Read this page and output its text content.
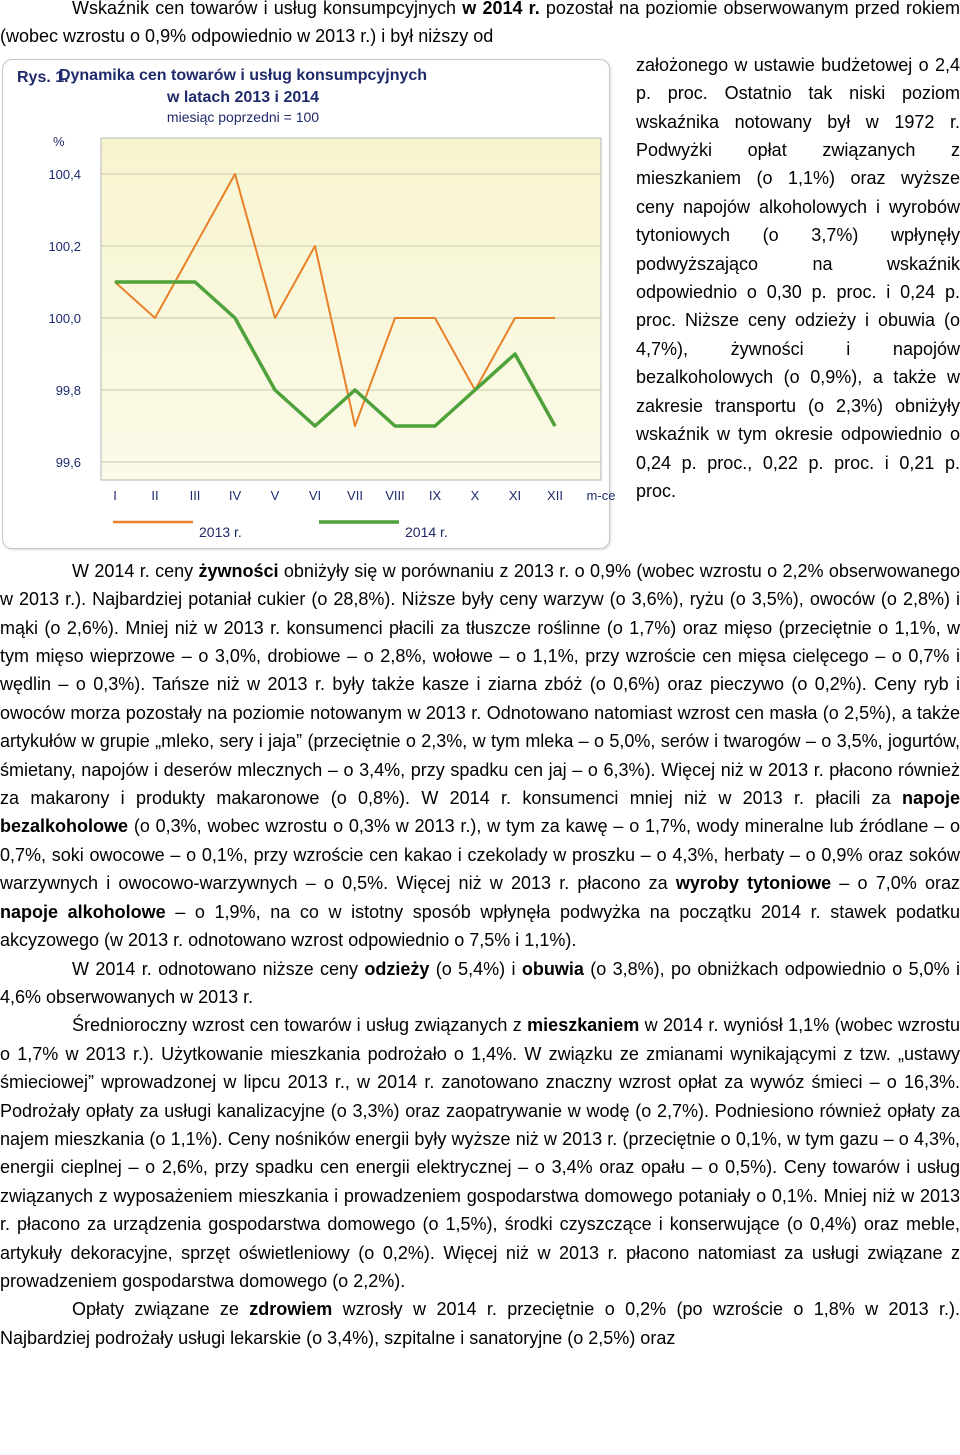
Wskaźnik cen towarów i usług konsumpcyjnych w 2014 r. pozostał na poziomie obserwowanym przed rokiem (wobec wzrostu o 0,9% odpowiednio w 2013 r.) i był niższy od

Rys. 1.
Dynamika cen towarów i usług konsumpcyjnych
w latach 2013 i 2014
miesiąc poprzedni = 100
%
100,4
100,2
100,0
99,8
99,6
I	II III IV V VI VII VIII IX X XI XII m-ce
2013 r.	2014 r.

założonego w ustawie budżetowej o 2,4 p. proc. Ostatnio tak niski poziom wskaźnika notowany był w 1972 r. Podwyżki opłat związanych z mieszkaniem (o 1,1%) oraz wyższe ceny napojów alkoholowych i wyrobów tytoniowych (o 3,7%) wpłynęły podwyższająco na wskaźnik odpowiednio o 0,30 p. proc. i 0,24 p. proc. Niższe ceny odzieży i obuwia (o 4,7%), żywności i napojów bezalkoholowych (o 0,9%), a także w zakresie transportu (o 2,3%) obniżyły wskaźnik w tym okresie odpowiednio o 0,24 p. proc., 0,22 p. proc. i 0,21 p. proc.

W 2014 r. ceny żywności obniżyły się w porównaniu z 2013 r. o 0,9% (wobec wzrostu o 2,2% obserwowanego w 2013 r.). Najbardziej potaniał cukier (o 28,8%). Niższe były ceny warzyw (o 3,6%), ryżu (o 3,5%), owoców (o 2,8%) i mąki (o 2,6%). Mniej niż w 2013 r. konsumenci płacili za tłuszcze roślinne (o 1,7%) oraz mięso (przeciętnie o 1,1%, w tym mięso wieprzowe – o 3,0%, drobiowe – o 2,8%, wołowe – o 1,1%, przy wzroście cen mięsa cielęcego – o 0,7% i wędlin – o 0,3%). Tańsze niż w 2013 r. były także kasze i ziarna zbóż (o 0,6%) oraz pieczywo (o 0,2%). Ceny ryb i owoców morza pozostały na poziomie notowanym w 2013 r. Odnotowano natomiast wzrost cen masła (o 2,5%), a także artykułów w grupie „mleko, sery i jaja” (przeciętnie o 2,3%, w tym mleka – o 5,0%, serów i twarogów – o 3,5%, jogurtów, śmietany, napojów i deserów mlecznych – o 3,4%, przy spadku cen jaj – o 6,3%). Więcej niż w 2013 r. płacono również za makarony i produkty makaronowe (o 0,8%). W 2014 r. konsumenci mniej niż w 2013 r. płacili za napoje bezalkoholowe (o 0,3%, wobec wzrostu o 0,3% w 2013 r.), w tym za kawę – o 1,7%, wody mineralne lub źródlane – o 0,7%, soki owocowe – o 0,1%, przy wzroście cen kakao i czekolady w proszku – o 4,3%, herbaty – o 0,9% oraz soków warzywnych i owocowo-warzywnych – o 0,5%. Więcej niż w 2013 r. płacono za wyroby tytoniowe – o 7,0% oraz napoje alkoholowe – o 1,9%, na co w istotny sposób wpłynęła podwyżka na początku 2014 r. stawek podatku akcyzowego (w 2013 r. odnotowano wzrost odpowiednio o 7,5% i 1,1%).

W 2014 r. odnotowano niższe ceny odzieży (o 5,4%) i obuwia (o 3,8%), po obniżkach odpowiednio o 5,0% i 4,6% obserwowanych w 2013 r.

Średnioroczny wzrost cen towarów i usług związanych z mieszkaniem w 2014 r. wyniósł 1,1% (wobec wzrostu o 1,7% w 2013 r.). Użytkowanie mieszkania podrożało o 1,4%. W związku ze zmianami wynikającymi z tzw. „ustawy śmieciowej” wprowadzonej w lipcu 2013 r., w 2014 r. zanotowano znaczny wzrost opłat za wywóz śmieci – o 16,3%. Podrożały opłaty za usługi kanalizacyjne (o 3,3%) oraz zaopatrywanie w wodę (o 2,7%). Podniesiono również opłaty za najem mieszkania (o 1,1%). Ceny nośników energii były wyższe niż w 2013 r. (przeciętnie o 0,1%, w tym gazu – o 4,3%, energii cieplnej – o 2,6%, przy spadku cen energii elektrycznej – o 3,4% oraz opału – o 0,5%). Ceny towarów i usług związanych z wyposażeniem mieszkania i prowadzeniem gospodarstwa domowego potaniały o 0,1%. Mniej niż w 2013 r. płacono za urządzenia gospodarstwa domowego (o 1,5%), środki czyszczące i konserwujące (o 0,4%) oraz meble, artykuły dekoracyjne, sprzęt oświetleniowy (o 0,2%). Więcej niż w 2013 r. płacono natomiast za usługi związane z prowadzeniem gospodarstwa domowego (o 2,2%).

Opłaty związane ze zdrowiem wzrosły w 2014 r. przeciętnie o 0,2% (po wzroście o 1,8% w 2013 r.). Najbardziej podrożały usługi lekarskie (o 3,4%), szpitalne i sanatoryjne (o 2,5%) oraz
